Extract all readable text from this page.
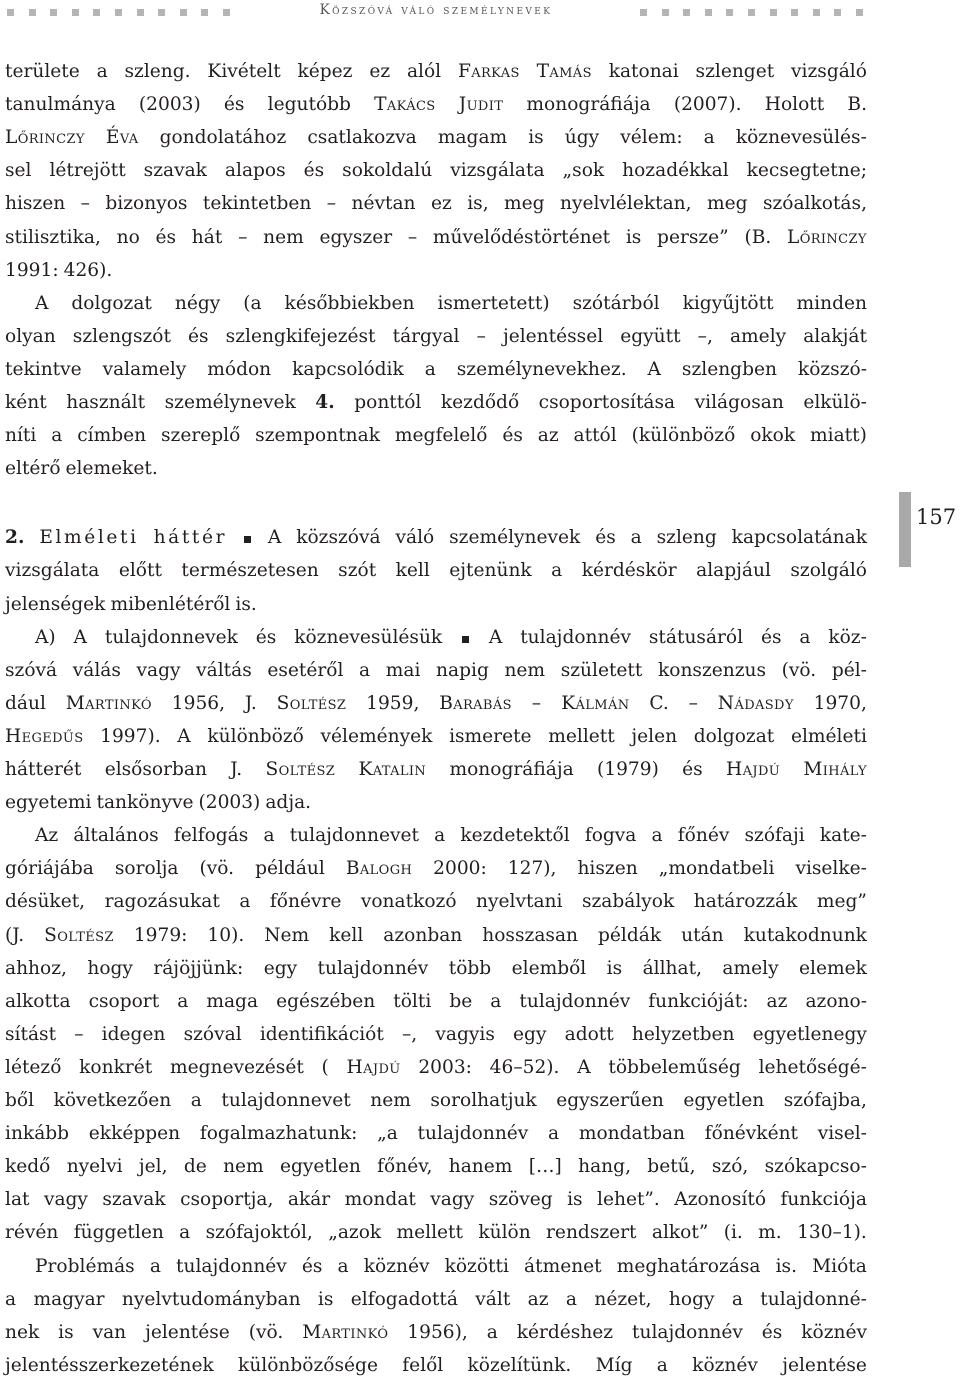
Közszóvá váló személynevek
területe a szleng. Kivételt képez ez alól Farkas Tamás katonai szlenget vizsgáló
tanulmánya (2003) és legutóbb Takács Judit monográfiája (2007). Holott B.
Lőrinczy Éva gondolatához csatlakozva magam is úgy vélem: a köznevesülés-
sel létrejött szavak alapos és sokoldalú vizsgálata „sok hozadékkal kecsegtetne;
hiszen – bizonyos tekintetben – névtan ez is, meg nyelvlélektan, meg szóalkotás,
stilisztika, no és hát – nem egyszer – művelődéstörténet is persze” (B. Lőrinczy
1991: 426).
A dolgozat négy (a későbbiekben ismertetett) szótárból kigyűjtött minden
olyan szlengszót és szlengkifejezést tárgyal – jelentéssel együtt –, amely alakját
tekintve valamely módon kapcsolódik a személynevekhez. A szlengben közszó-
ként használt személynevek 4. ponttól kezdődő csoportosítása világosan elkülö-
níti a címben szereplő szempontnak megfelelő és az attól (különböző okok miatt)
eltérő elemeket.
2. Elméleti háttér A közszóvá váló személynevek és a szleng kapcsolatának
vizsgálata előtt természetesen szót kell ejtenünk a kérdéskör alapjául szolgáló
jelenségek mibenlétéről is.
A) A tulajdonnevek és köznevesülésük	A tulajdonnév státusáról és a köz-
szóvá válás vagy váltás esetéről a mai napig nem született konszenzus (vö. pél-
dául Martinkó 1956, J. Soltész 1959, Barabás – Kálmán C. – Nádasdy 1970,
Hegedűs 1997). A különböző vélemények ismerete mellett jelen dolgozat elméleti
hátterét elsősorban J. Soltész Katalin monográfiája (1979) és Hajdú Mihály
egyetemi tankönyve (2003) adja.
Az általános felfogás a tulajdonnevet a kezdetektől fogva a főnév szófaji kate-
góriájába sorolja (vö. például Balogh 2000: 127), hiszen „mondatbeli viselke-
désüket, ragozásukat a főnévre vonatkozó nyelvtani szabályok határozzák meg”
(J. Soltész 1979: 10). Nem kell azonban hosszasan példák után kutakodnunk
ahhoz, hogy rájöjjünk: egy tulajdonnév több elemből is állhat, amely elemek
alkotta csoport a maga egészében tölti be a tulajdonnév funkcióját: az azono-
sítást – idegen szóval identifikációt –, vagyis egy adott helyzetben egyetlenegy
létező konkrét megnevezését ( Hajdú 2003: 46–52). A többeleműség lehetőségé-
ből következően a tulajdonnevet nem sorolhatjuk egyszerűen egyetlen szófajba,
inkább ekképpen fogalmazhatunk: „a tulajdonnév a mondatban főnévként visel-
kedő nyelvi jel, de nem egyetlen főnév, hanem […] hang, betű, szó, szókapcso-
lat vagy szavak csoportja, akár mondat vagy szöveg is lehet”. Azonosító funkciója
révén független a szófajoktól, „azok mellett külön rendszert alkot” (i. m. 130–1).
Problémás a tulajdonnév és a köznév közötti átmenet meghatározása is. Mióta
a magyar nyelvtudományban is elfogadottá vált az a nézet, hogy a tulajdonné-
nek is van jelentése (vö. Martinkó 1956), a kérdéshez tulajdonnév és köznév
jelentésszerkezetének különbözősége felől közelítünk. Míg a köznév jelentése
157
